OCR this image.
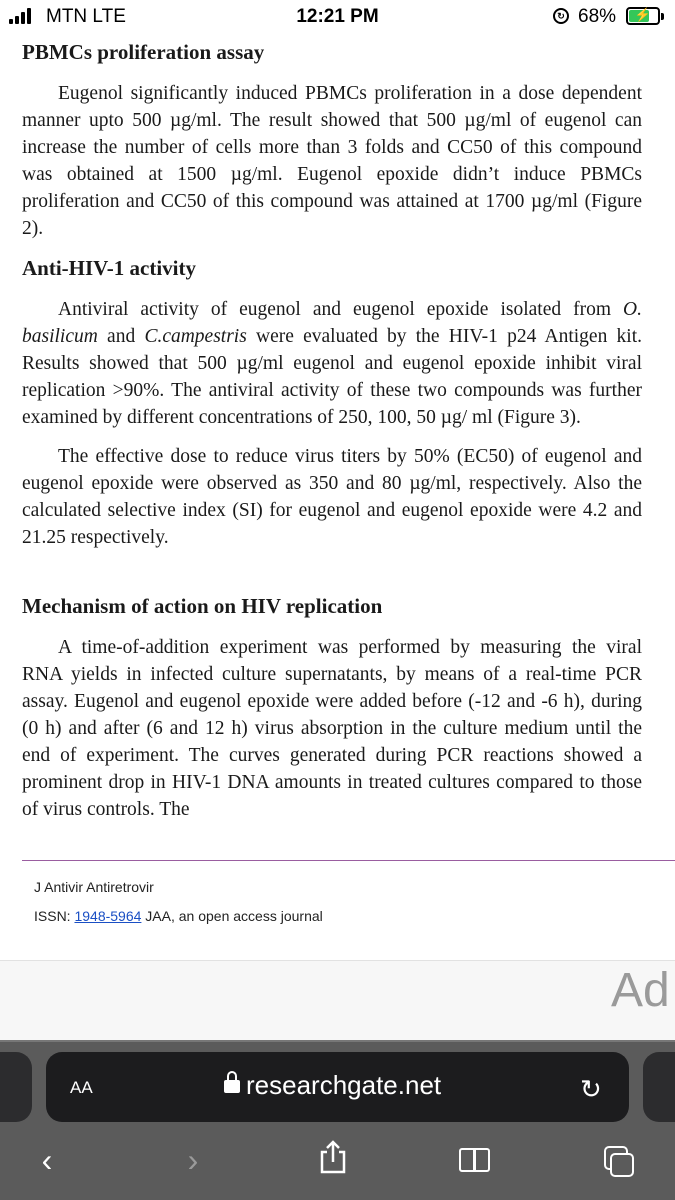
MTN LTE	12:21 PM	↻ 68%	⚡
PBMCs proliferation assay

Eugenol significantly induced PBMCs proliferation in a dose dependent manner upto 500 µg/ml. The result showed that 500 µg/ml of eugenol can increase the number of cells more than 3 folds and CC50 of this compound was obtained at 1500 µg/ml. Eugenol epoxide didn’t induce PBMCs proliferation and CC50 of this compound was attained at 1700 µg/ml (Figure 2).

Anti-HIV-1 activity

Antiviral activity of eugenol and eugenol epoxide isolated from O. basilicum and C.campestris were evaluated by the HIV-1 p24 Antigen kit. Results showed that 500 µg/ml eugenol and eugenol epoxide inhibit viral replication >90%. The antiviral activity of these two compounds was further examined by different concentrations of 250, 100, 50 µg/ ml (Figure 3).

The effective dose to reduce virus titers by 50% (EC50) of eugenol and eugenol epoxide were observed as 350 and 80 µg/ml, respectively. Also the calculated selective index (SI) for eugenol and eugenol epoxide were 4.2 and 21.25 respectively.

Mechanism of action on HIV replication

A time-of-addition experiment was performed by measuring the viral RNA yields in infected culture supernatants, by means of a real-time PCR assay. Eugenol and eugenol epoxide were added before (-12 and -6 h), during (0 h) and after (6 and 12 h) virus absorption in the culture medium until the end of experiment. The curves generated during PCR reactions showed a prominent drop in HIV-1 DNA amounts in treated cultures compared to those of virus controls. The

J Antivir Antiretrovir
ISSN: 1948-5964 JAA, an open access journal
Ad
AA	researchgate.net	↻
‹	›
